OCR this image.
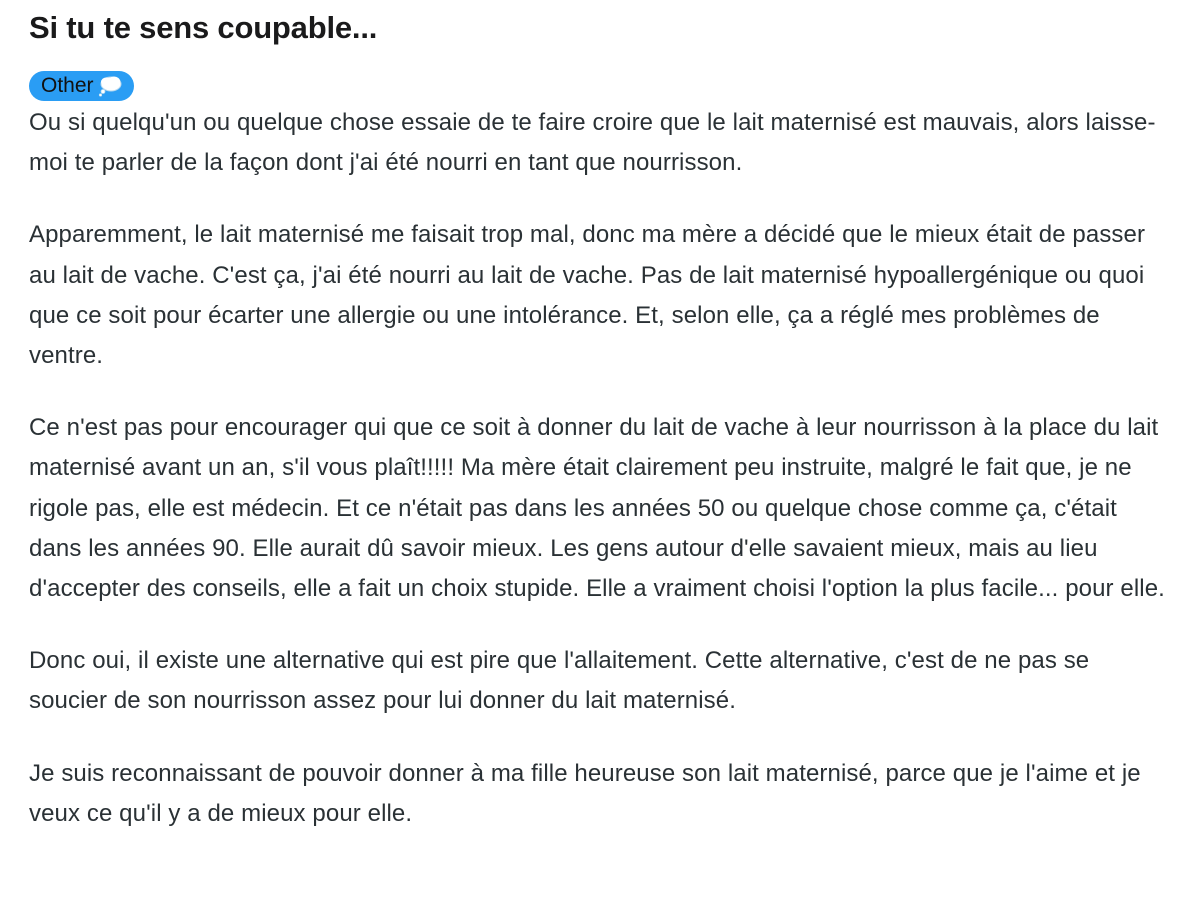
Si tu te sens coupable...
Other

Ou si quelqu'un ou quelque chose essaie de te faire croire que le lait maternisé est mauvais, alors laisse-moi te parler de la façon dont j'ai été nourri en tant que nourrisson.

Apparemment, le lait maternisé me faisait trop mal, donc ma mère a décidé que le mieux était de passer au lait de vache. C'est ça, j'ai été nourri au lait de vache. Pas de lait maternisé hypoallergénique ou quoi que ce soit pour écarter une allergie ou une intolérance. Et, selon elle, ça a réglé mes problèmes de ventre.

Ce n'est pas pour encourager qui que ce soit à donner du lait de vache à leur nourrisson à la place du lait maternisé avant un an, s'il vous plaît!!!!! Ma mère était clairement peu instruite, malgré le fait que, je ne rigole pas, elle est médecin. Et ce n'était pas dans les années 50 ou quelque chose comme ça, c'était dans les années 90. Elle aurait dû savoir mieux. Les gens autour d'elle savaient mieux, mais au lieu d'accepter des conseils, elle a fait un choix stupide. Elle a vraiment choisi l'option la plus facile... pour elle.

Donc oui, il existe une alternative qui est pire que l'allaitement. Cette alternative, c'est de ne pas se soucier de son nourrisson assez pour lui donner du lait maternisé.

Je suis reconnaissant de pouvoir donner à ma fille heureuse son lait maternisé, parce que je l'aime et je veux ce qu'il y a de mieux pour elle.
